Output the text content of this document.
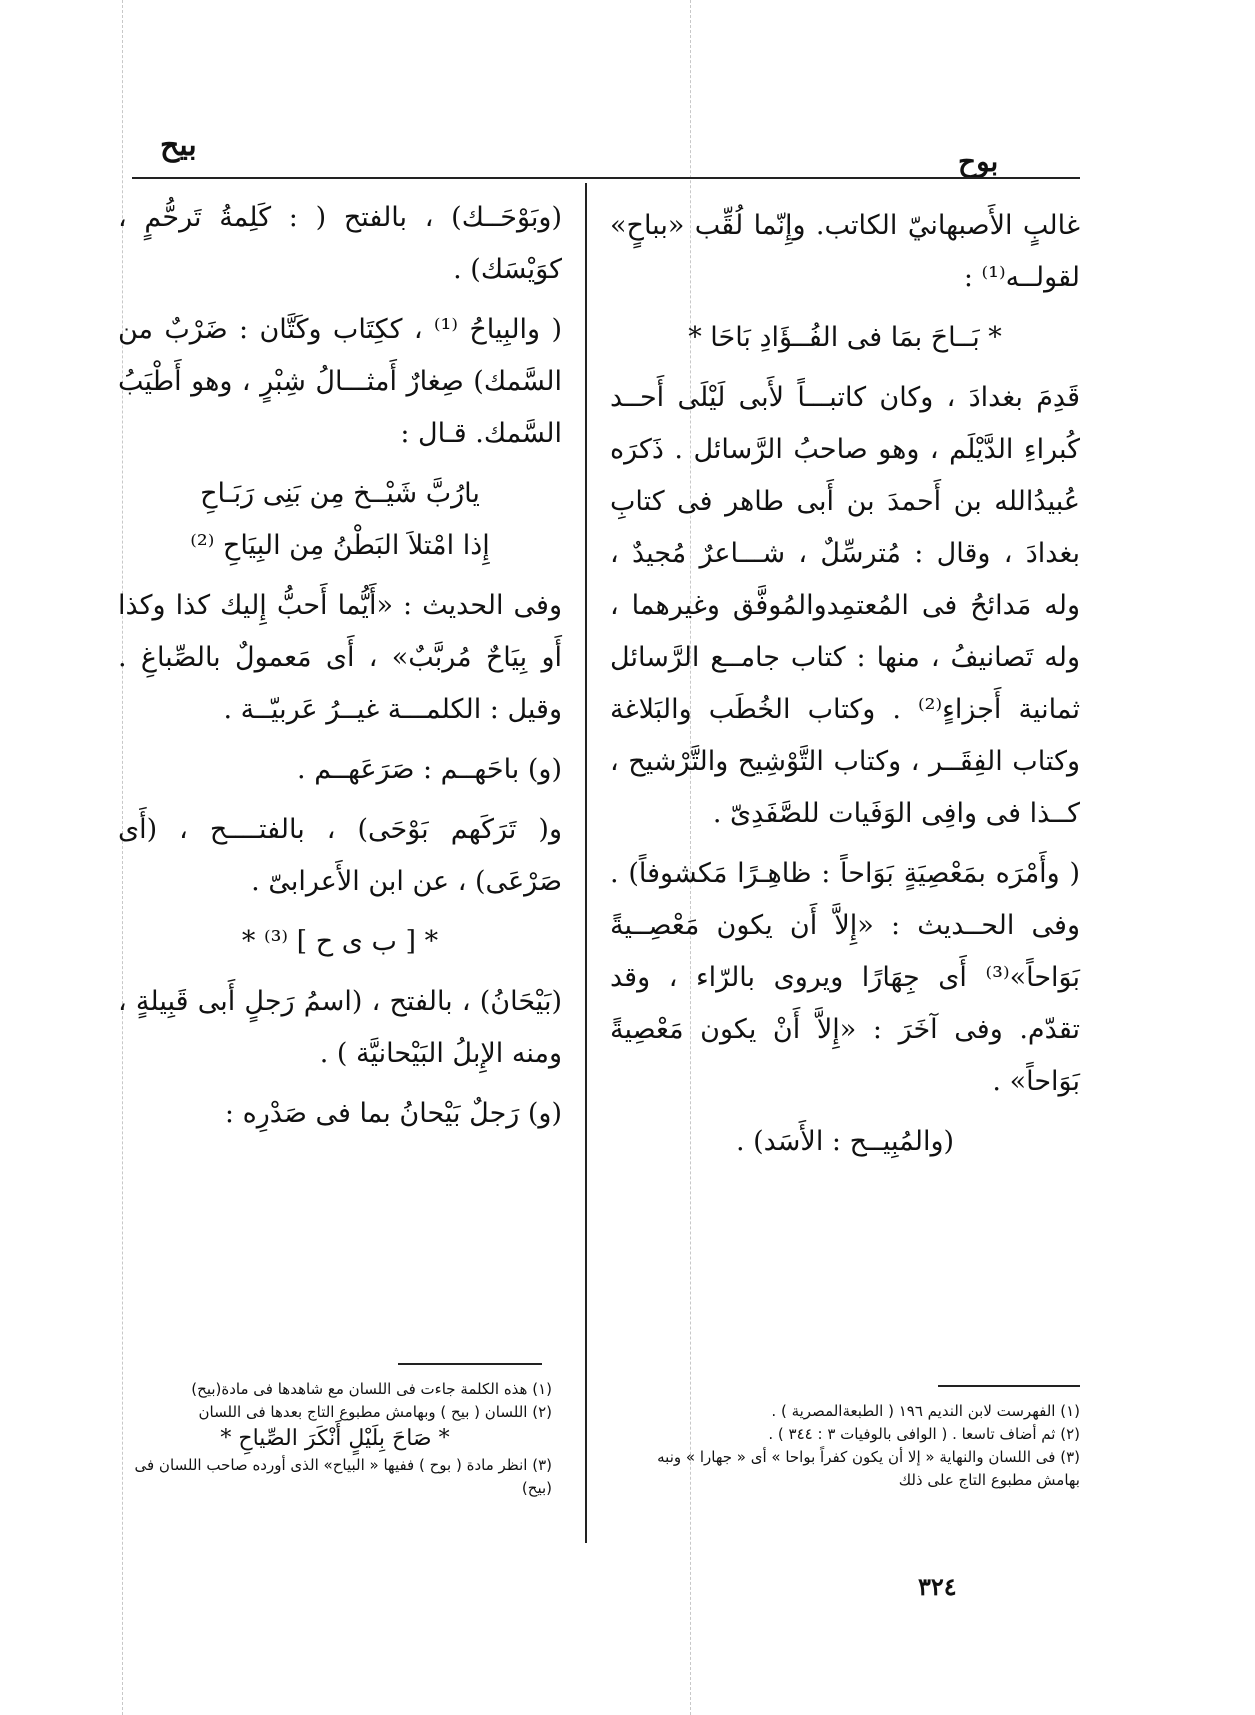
بيح	بوح

غالبٍ الأَصبهانيّ الكاتب. وإِنّما لُقِّب «بباحٍ» لقولــه⁽¹⁾ :

* بَــاحَ بمَا فى الفُــؤَادِ بَاحَا *

قَدِمَ بغدادَ ، وكان كاتبـــاً لأَبى لَيْلَى أَحــد كُبراءِ الدَّيْلَم ، وهو صاحبُ الرَّسائل . ذَكرَه عُبيدُالله بن أَحمدَ بن أَبى طاهر فى كتابِ بغدادَ ، وقال : مُترسِّلٌ ، شـــاعرٌ مُجيدٌ ، وله مَدائحُ فى المُعتمِدوالمُوفَّق وغيرهما ، وله تَصانيفُ ، منها : كتاب جامــع الرَّسائل ثمانية أَجزاءٍ⁽²⁾ . وكتاب الخُطَب والبَلاغة وكتاب الفِقَــر ، وكتاب التَّوْشِيح والتَّرْشيح ، كــذا فى وافِى الوَفَيات للصَّفَدِىّ .

( وأَمْرَه بمَعْصِيَةٍ بَوَاحاً : ظاهِـرًا مَكشوفاً) . وفى الحــديث : «إِلاَّ أَن يكون مَعْصِــيةً بَوَاحاً»⁽³⁾ أَى جِهَارًا ويروى بالرّاء ، وقد تقدّم. وفى آخَرَ : «إِلاَّ أَنْ يكون مَعْصِيةً بَوَاحاً» .

(والمُبِيــح : الأَسَد) .

(وبَوْحَــك) ، بالفتح ( : كَلِمةُ تَرحُّمٍ ، كوَيْسَك) .

( والبِياحُ ⁽¹⁾ ، ككِتَاب وكَتَّان : ضَرْبٌ من السَّمك) صِغارٌ أَمثـــالُ شِبْرٍ ، وهو أَطْيَبُ السَّمك. قـال :

يارُبَّ شَيْــخ مِن بَنِى رَبَـاحِ

إِذا امْتلاَ البَطْنُ مِن البِيَاحِ ⁽²⁾

وفى الحديث : «أَيُّما أَحبُّ إِليك كذا وكذا أَو بِيَاحٌ مُربَّبٌ» ، أَى مَعمولٌ بالصِّباغِ . وقيل : الكلمـــة غيــرُ عَربيّــة .

(و) باحَهــم : صَرَعَهــم .

و( تَرَكَهم بَوْحَى) ، بالفتــــح ، (أَى صَرْعَى) ، عن ابن الأَعرابىّ .

* [ ب ى ح ] ⁽³⁾ *

(بَيْحَانُ) ، بالفتح ، (اسمُ رَجلٍ أَبى قَبِيلةٍ ، ومنه الإِبلُ البَيْحانيَّة ) .

(و) رَجلٌ بَيْحانُ بما فى صَدْرِه :

(١) هذه الكلمة جاءت فى اللسان مع شاهدها فى مادة(بيح)

(٢) اللسان ( بيح ) وبهامش مطبوع التاج بعدها فى اللسان

* صَاحَ بِلَيْلٍ أَنْكَرَ الصِّياحِ *

(٣) انظر مادة ( بوح ) ففيها « البياح» الذى أورده صاحب اللسان فى (بيح)

(١) الفهرست لابن النديم ١٩٦ ( الطبعةالمصرية ) .

(٢) ثم أضاف تاسعا . ( الوافى بالوفيات ٣ : ٣٤٤ ) .

(٣) فى اللسان والنهاية « إلا أن يكون كفراً بواحا » أى « جهارا » ونبه بهامش مطبوع التاج على ذلك

٣٢٤
